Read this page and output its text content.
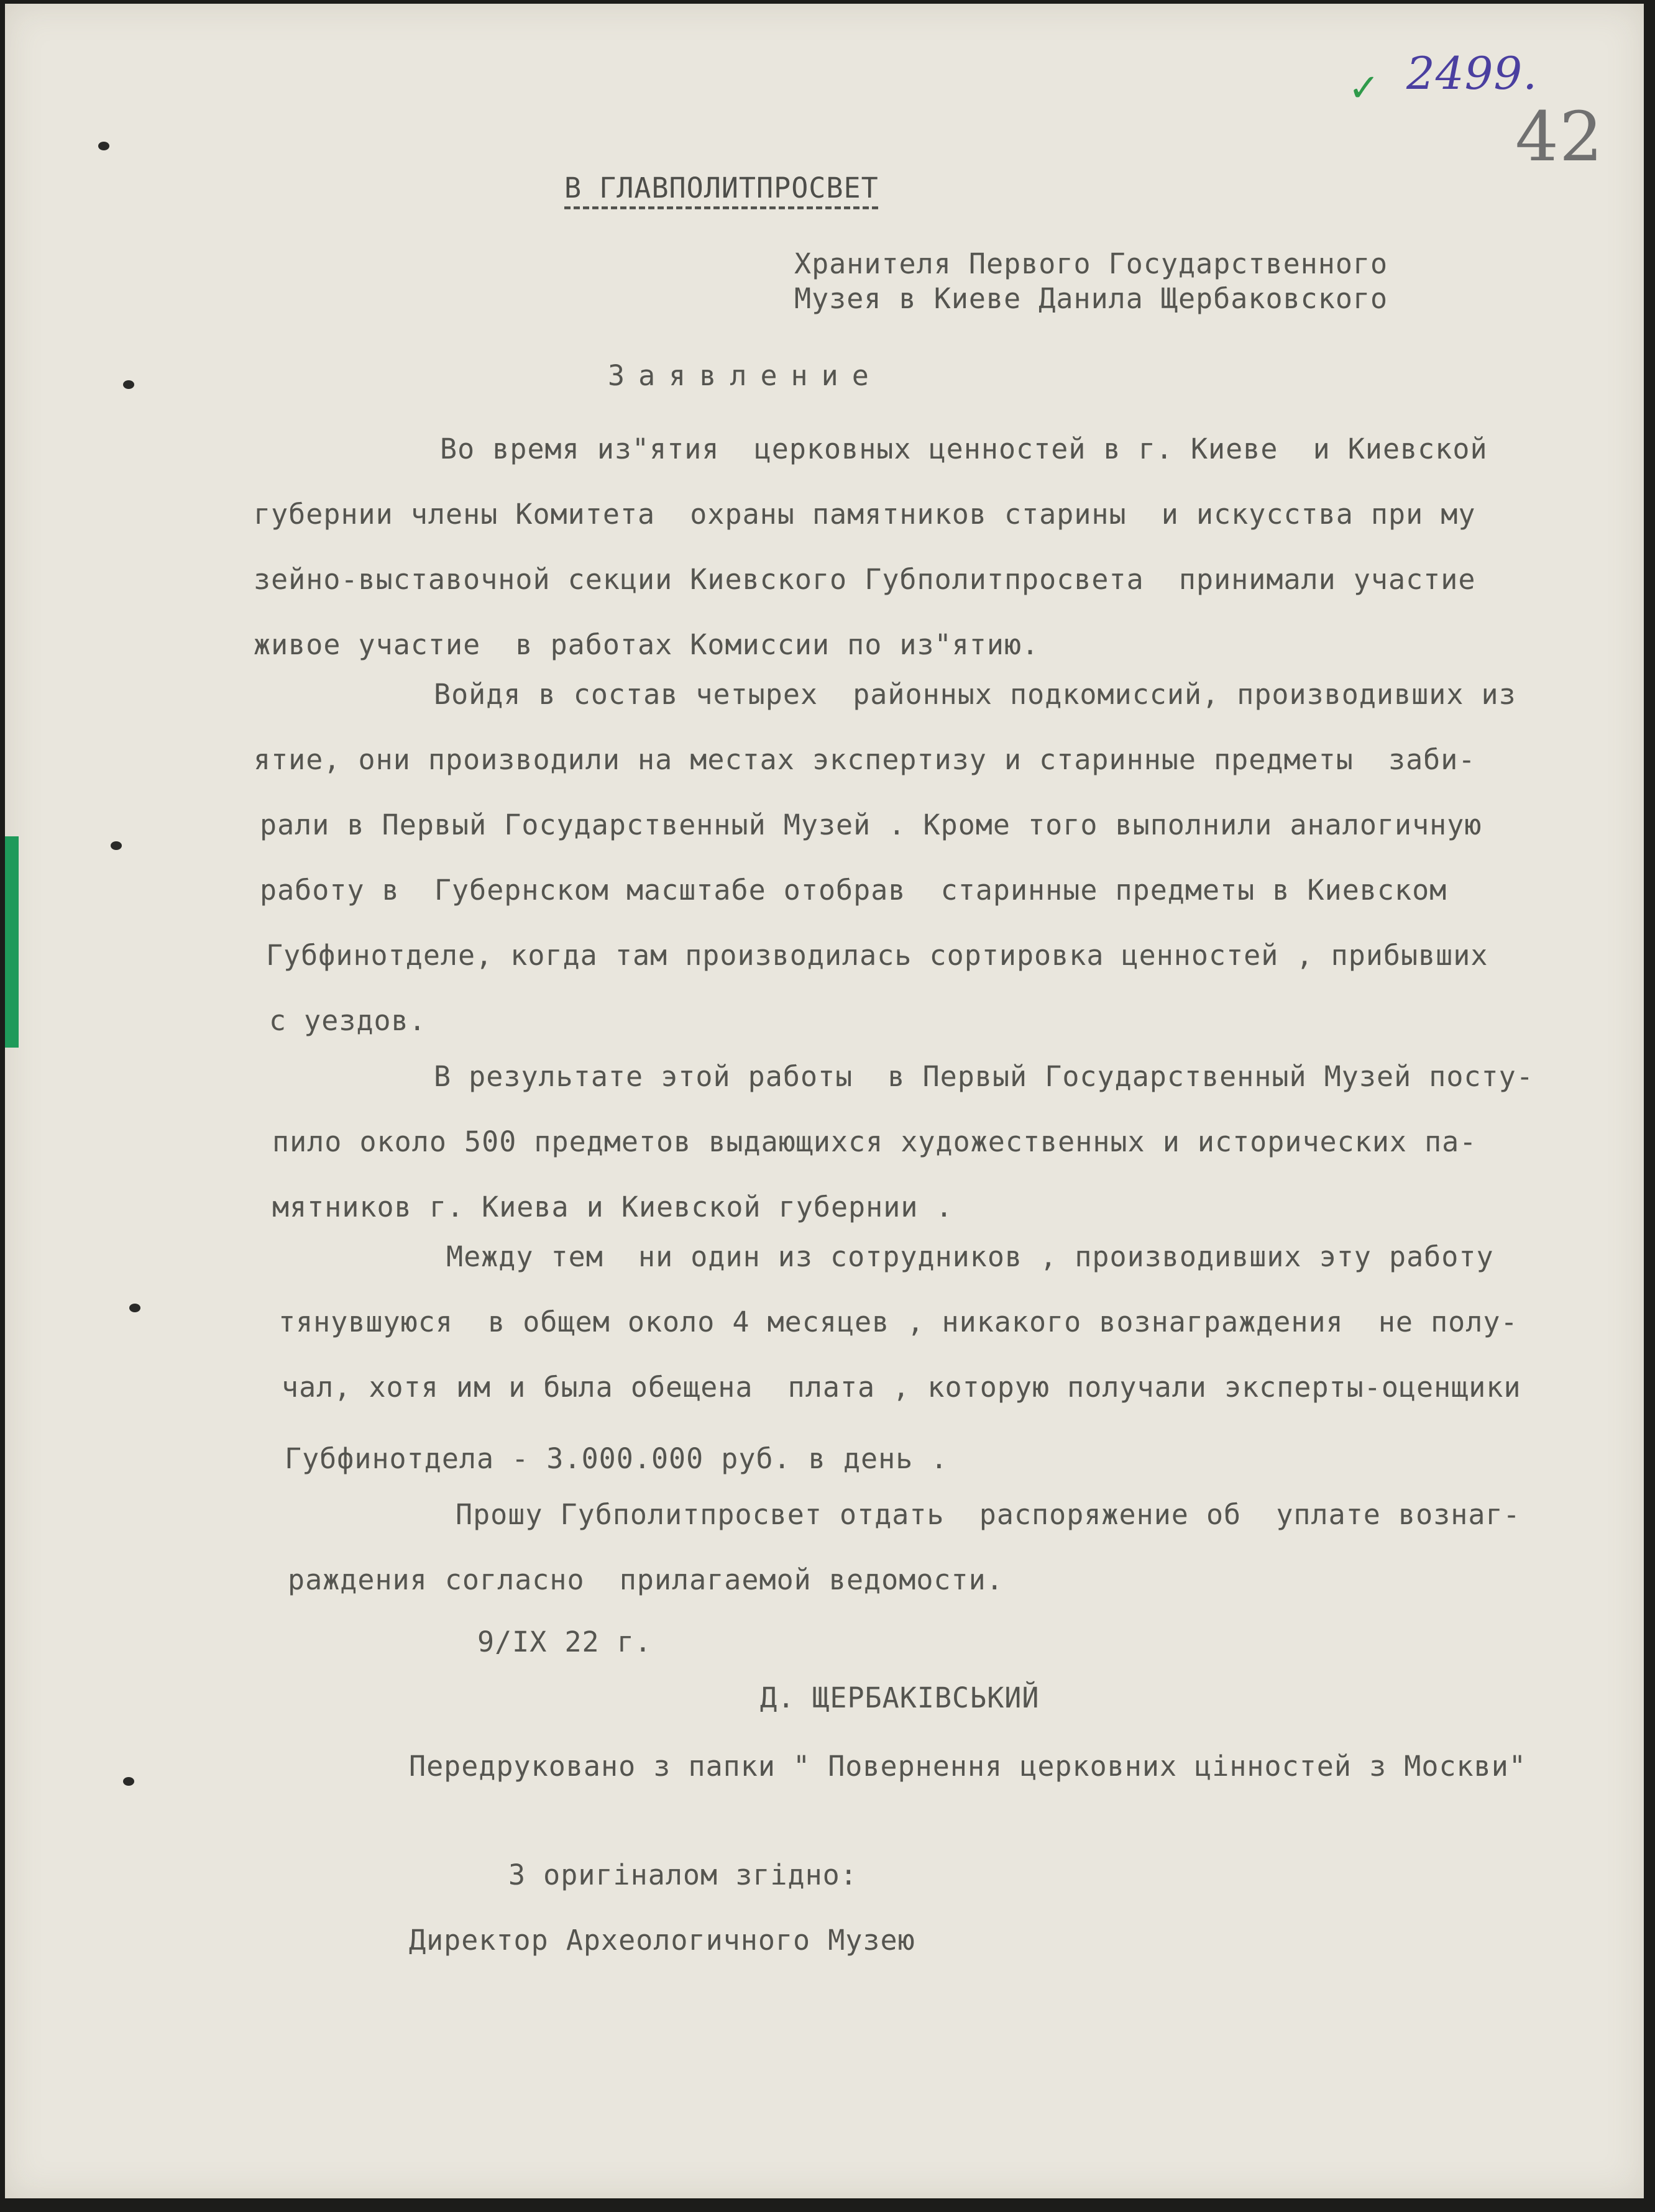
✓ 2499.
42
В ГЛАВПОЛИТПРОСВЕТ
Хранителя Первого Государственного
Музея в Киеве Данила Щербаковского
Заявление
Во время из"ятия  церковных ценностей в г. Киеве  и Киевской
губернии члены Комитета  охраны памятников старины  и искусства при му
зейно-выставочной секции Киевского Губполитпросвета  принимали участие
живое участие  в работах Комиссии по из"ятию.
Войдя в состав четырех  районных подкомиссий, производивших из
ятие, они производили на местах экспертизу и старинные предметы  заби-
рали в Первый Государственный Музей . Кроме того выполнили аналогичную
работу в  Губернском масштабе отобрав  старинные предметы в Киевском
Губфинотделе, когда там производилась сортировка ценностей , прибывших
с уездов.
В результате этой работы  в Первый Государственный Музей посту-
пило около 500 предметов выдающихся художественных и исторических па-
мятников г. Киева и Киевской губернии .
Между тем  ни один из сотрудников , производивших эту работу
тянувшуюся  в общем около 4 месяцев , никакого вознаграждения  не полу-
чал, хотя им и была обещена  плата , которую получали эксперты-оценщики
Губфинотдела - 3.000.000 руб. в день .
Прошу Губполитпросвет отдать  распоряжение об  уплате вознаг-
раждения согласно  прилагаемой ведомости.
9/IX 22 г.
Д. ЩЕРБАКІВСЬКИЙ
Передруковано з папки " Повернення церковних цінностей з Москви"
З оригіналом згідно:
Директор Археологичного Музею
